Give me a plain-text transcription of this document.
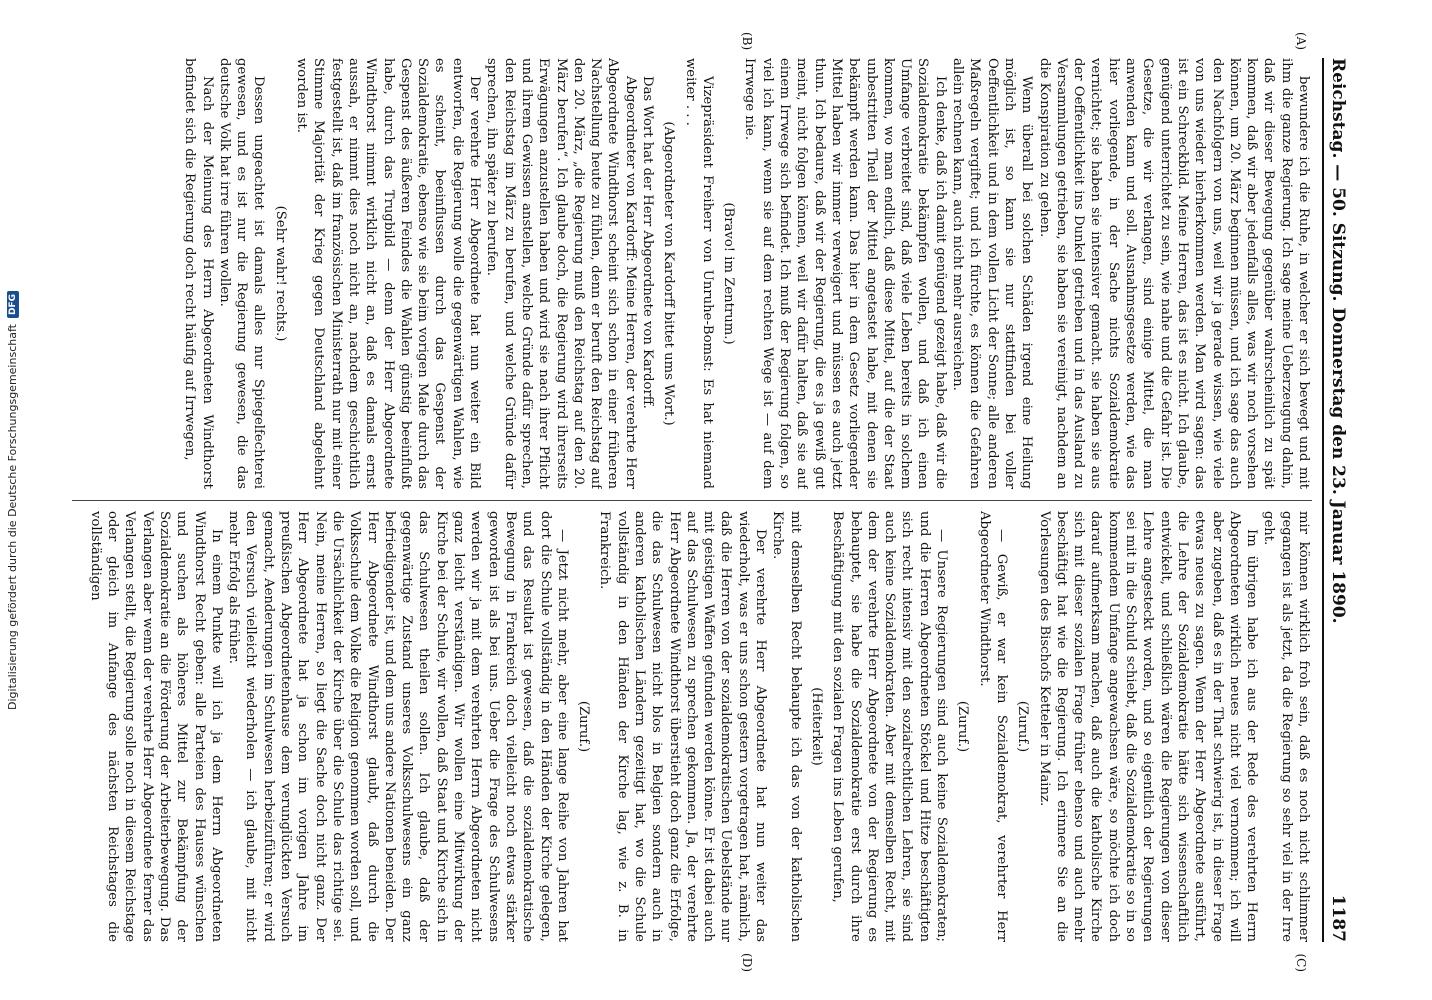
Digitalisierung gefördert durch die Deutsche Forschungsgemeinschaft
DFG	Reichstag. — 50. Sitzung. Donnerstag den 23. Januar 1890.
1187
(A)
(B)
(C)
(D)

bewundere ich die Ruhe, in welcher er sich bewegt und mit ihm die ganze Regierung. Ich sage meine Ueberzeugung dahin, daß wir dieser Bewegung gegenüber wahrscheinlich zu spät kommen, daß wir aber jedenfalls alles, was wir noch vorsehen können, um 20. März beginnen müssen, und ich sage das auch den Nachfolgern von uns, weil wir ja gerade wissen, wie viele von uns wieder hierherkommen werden. Man wird sagen: das ist ein Schreckbild. Meine Herren, das ist es nicht. Ich glaube, genügend unterrichtet zu sein, wie nahe und die Gefahr ist. Die Gesetze, die wir verlangen, sind einige Mittel, die man anwenden kann und soll. Ausnahmsgesetze werden, wie das hier vorliegende, in der Sache nichts Sozialdemokratie vernichtet; sie haben sie intensiver gemacht. sie haben sie aus der Oeffentlichkeit ins Dunkel getrieben und in das Ausland zu Versammlungen getrieben, sie haben sie vereinigt, nachdem an die Konspiration zu gehen.

Wenn überall bei solchen Schäden irgend eine Heilung möglich ist, so kann sie nur stattfinden bei voller Oeffentlichkeit und in dem vollen Licht der Sonne; alle anderen Maßregeln vergiftet; und ich fürchte, es können die Gefahren allein rechnen kann, auch nicht mehr ausreichen.

Ich denke, daß ich damit genügend gezeigt habe, daß wir die Sozialdemokratie bekämpfen wollen, und daß ich einen Umfange verbreitet sind, daß viele Leben bereits in solchem kommen, wo man endlich, daß diese Mittel, auf die der Staat unbestritten Theil der Mittel angetastet habe, mit denen sie bekämpft werden kann. Das hier in dem Gesetz vorliegender Mittel haben wir immer verweigert und müssen es auch jetzt thun. Ich bedaure, daß wir der Regierung, die es ja gewiß gut meint, nicht folgen können, weil wir dafür halten, daß sie auf einem Irrwege sich befindet. Ich muß der Regierung folgen, so viel ich kann, wenn sie auf dem rechten Wege ist — auf dem Irrwege nie.

(Bravo! im Zentrum.)

Vizepräsident Freiherr von Unruhe-Bomst: Es hat niemand weiter . . .

(Abgeordneter von Kardorff bittet ums Wort.)

Das Wort hat der Herr Abgeordnete von Kardorff.

Abgeordneter von Kardorff: Meine Herren, der verehrte Herr Abgeordnete Windthorst scheint sich schon in einer früheren Nachstellung heute zu fühlen, denn er beruft den Reichstag auf den 20. März, „die Regierung muß den Reichstag auf den 20. März berufen“. Ich glaube doch, die Regierung wird ihrerseits Erwägungen anzustellen haben und wird sie nach ihrer Pflicht und ihrem Gewissen anstellen, welche Gründe dafür sprechen, den Reichstag im März zu berufen, und welche Gründe dafür sprechen, ihn später zu berufen.

Der verehrte Herr Abgeordnete hat nun weiter ein Bild entworfen, die Regierung wolle die gegenwärtigen Wahlen, wie es scheint, beeinflussen durch das Gespenst der Sozialdemokratie, ebenso wie sie beim vorigen Male durch das Gespenst des äußeren Feindes die Wahlen günstig beeinflußt habe, durch das Trugbild — denn der Herr Abgeordnete Windthorst nimmt wirklich nicht an, daß es damals ernst aussah, er nimmt dies noch nicht an, nachdem geschichtlich festgestellt ist, daß im französischen Ministerrath nur mit einer Stimme Majorität der Krieg gegen Deutschland abgelehnt worden ist.

(Sehr wahr! rechts.)

Dessen ungeachtet ist damals alles nur Spiegelfechterei gewesen, und es ist nur die Regierung gewesen, die das deutsche Volk hat irre führen wollen.

Nach der Meinung des Herrn Abgeordneten Windthorst befindet sich die Regierung doch recht häufig auf Irrwegen,

mir können wirklich froh sein, daß es noch nicht schlimmer gegangen ist als jetzt, da die Regierung so sehr viel in der Irre geht.

Im übrigen habe ich aus der Rede des verehrten Herrn Abgeordneten wirklich neues nicht viel vernommen; ich will aber zugeben, daß es in der That schwierig ist, in dieser Frage etwas neues zu sagen. Wenn der Herr Abgeordnete ausführt, die Lehre der Sozialdemokratie hätte sich wissenschaftlich entwickelt, und schließlich wären die Regierungen von dieser Lehre angesteckt worden, und so eigentlich der Regierungen sei mit in die Schuld schiebt, daß die Sozialdemokratie so in so kommendem Umfange angewachsen wäre, so möchte ich doch darauf aufmerksam machen, daß auch die katholische Kirche sich mit dieser sozialen Frage früher ebenso und auch mehr beschäftigt hat wie die Regierung. Ich erinnere Sie an die Vorlesungen des Bischofs Ketteler in Mainz.

(Zuruf.)

— Gewiß, er war kein Sozialdemokrat, verehrter Herr Abgeordneter Windthorst.

(Zuruf.)

— Unsere Regierungen sind auch keine Sozialdemokraten; und die Herren Abgeordneten Stöckel und Hitze beschäftigten sich recht intensiv mit den sozialrechtlichen Lehren, sie sind auch keine Sozialdemokraten. Aber mit demselben Recht, mit dem der verehrte Herr Abgeordnete von der Regierung es behauptet, sie habe die Sozialdemokratie erst durch ihre Beschäftigung mit den sozialen Fragen ins Leben gerufen,

(Heiterkeit)

mit demselben Recht behaupte ich das von der katholischen Kirche.

Der verehrte Herr Abgeordnete hat nun weiter das wiederholt, was er uns schon gestern vorgetragen hat, nämlich, daß die Herren von der sozialdemokratischen Uebelstände nur mit geistigen Waffen gefunden werden könne. Er ist dabei auch auf das Schulwesen zu sprechen gekommen. Ja, der verehrte Herr Abgeordnete Windthorst überstieht doch ganz die Erfolge, die das Schulwesen nicht blos in Belgien sondern auch in anderen katholischen Ländern gezeitigt hat, wo die Schule vollständig in den Händen der Kirche lag, wie z. B. in Frankreich.

(Zuruf.)

— Jetzt nicht mehr, aber eine lange Reihe von Jahren hat dort die Schule vollständig in den Händen der Kirche gelegen, und das Resultat ist gewesen, daß die sozialdemokratische Bewegung in Frankreich doch vielleicht noch etwas stärker geworden ist als bei uns. Ueber die Frage des Schulwesens werden wir ja mit dem verehrten Herrn Abgeordneten nicht ganz leicht verständigen. Wir wollen eine Mitwirkung der Kirche bei der Schule, wir wollen, daß Staat und Kirche sich in das Schulwesen theilen sollen. Ich glaube, daß der gegenwärtige Zustand unseres Volksschulwesens ein ganz befriedigender ist, und dem uns andere Nationen beneiden. Der Herr Abgeordnete Windthorst glaubt, daß durch die Volksschule dem Volke die Religion genommen worden soll, und die Ursächlichkeit der Kirche über die Schule das richtige sei. Nein, meine Herren, so liegt die Sache doch nicht ganz. Der Herr Abgeordnete hat ja schon im vorigen Jahre im preußischen Abgeordnetenhause dem verunglückten Versuch gemacht, Aenderungen im Schulwesen herbeizuführen; er wird den Versuch vielleicht wiederholen — ich glaube, mit nicht mehr Erfolg als früher.

In einem Punkte will ich ja dem Herrn Abgeordneten Windthorst Recht geben: alle Parteien des Hauses wünschen und suchen als höheres Mittel zur Bekämpfung der Sozialdemokratie an die Förderung der Arbeiterbewegung. Das Verlangen aber wenn der verehrte Herr Abgeordnete ferner das Verlangen stellt, die Regierung solle noch in diesem Reichstage oder gleich im Anfange des nächsten Reichstages die vollständigen
